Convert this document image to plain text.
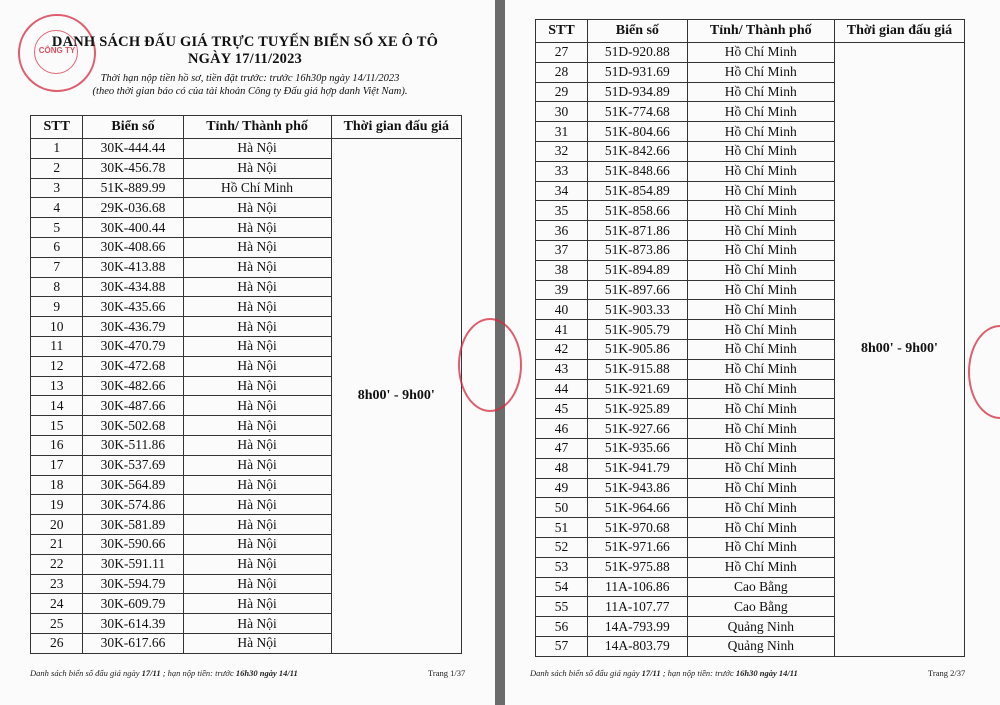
CÔNG TY
DANH SÁCH ĐẤU GIÁ TRỰC TUYẾN BIỂN SỐ XE Ô TÔ
NGÀY 17/11/2023
Thời hạn nộp tiền hồ sơ, tiền đặt trước: trước 16h30p ngày 14/11/2023
(theo thời gian báo có của tài khoản Công ty Đấu giá hợp danh Việt Nam).
STT	Biển số	Tỉnh/ Thành phố	Thời gian đấu giá
1	30K-444.44	Hà Nội	8h00' - 9h00'
2	30K-456.78	Hà Nội	
3	51K-889.99	Hồ Chí Minh	
4	29K-036.68	Hà Nội	
5	30K-400.44	Hà Nội	
6	30K-408.66	Hà Nội	
7	30K-413.88	Hà Nội	
8	30K-434.88	Hà Nội	
9	30K-435.66	Hà Nội	
10	30K-436.79	Hà Nội	
11	30K-470.79	Hà Nội	
12	30K-472.68	Hà Nội	
13	30K-482.66	Hà Nội	
14	30K-487.66	Hà Nội	
15	30K-502.68	Hà Nội	
16	30K-511.86	Hà Nội	
17	30K-537.69	Hà Nội	
18	30K-564.89	Hà Nội	
19	30K-574.86	Hà Nội	
20	30K-581.89	Hà Nội	
21	30K-590.66	Hà Nội	
22	30K-591.11	Hà Nội	
23	30K-594.79	Hà Nội	
24	30K-609.79	Hà Nội	
25	30K-614.39	Hà Nội	
26	30K-617.66	Hà Nội	
Danh sách biển số đấu giá ngày 17/11 ; hạn nộp tiền: trước 16h30 ngày 14/11	Trang 1/37
STT	Biển số	Tỉnh/ Thành phố	Thời gian đấu giá
27	51D-920.88	Hồ Chí Minh	8h00' - 9h00'
28	51D-931.69	Hồ Chí Minh	
29	51D-934.89	Hồ Chí Minh	
30	51K-774.68	Hồ Chí Minh	
31	51K-804.66	Hồ Chí Minh	
32	51K-842.66	Hồ Chí Minh	
33	51K-848.66	Hồ Chí Minh	
34	51K-854.89	Hồ Chí Minh	
35	51K-858.66	Hồ Chí Minh	
36	51K-871.86	Hồ Chí Minh	
37	51K-873.86	Hồ Chí Minh	
38	51K-894.89	Hồ Chí Minh	
39	51K-897.66	Hồ Chí Minh	
40	51K-903.33	Hồ Chí Minh	
41	51K-905.79	Hồ Chí Minh	
42	51K-905.86	Hồ Chí Minh	
43	51K-915.88	Hồ Chí Minh	
44	51K-921.69	Hồ Chí Minh	
45	51K-925.89	Hồ Chí Minh	
46	51K-927.66	Hồ Chí Minh	
47	51K-935.66	Hồ Chí Minh	
48	51K-941.79	Hồ Chí Minh	
49	51K-943.86	Hồ Chí Minh	
50	51K-964.66	Hồ Chí Minh	
51	51K-970.68	Hồ Chí Minh	
52	51K-971.66	Hồ Chí Minh	
53	51K-975.88	Hồ Chí Minh	
54	11A-106.86	Cao Bằng	
55	11A-107.77	Cao Bằng	
56	14A-793.99	Quảng Ninh	
57	14A-803.79	Quảng Ninh	
Danh sách biển số đấu giá ngày 17/11 ; hạn nộp tiền: trước 16h30 ngày 14/11	Trang 2/37
